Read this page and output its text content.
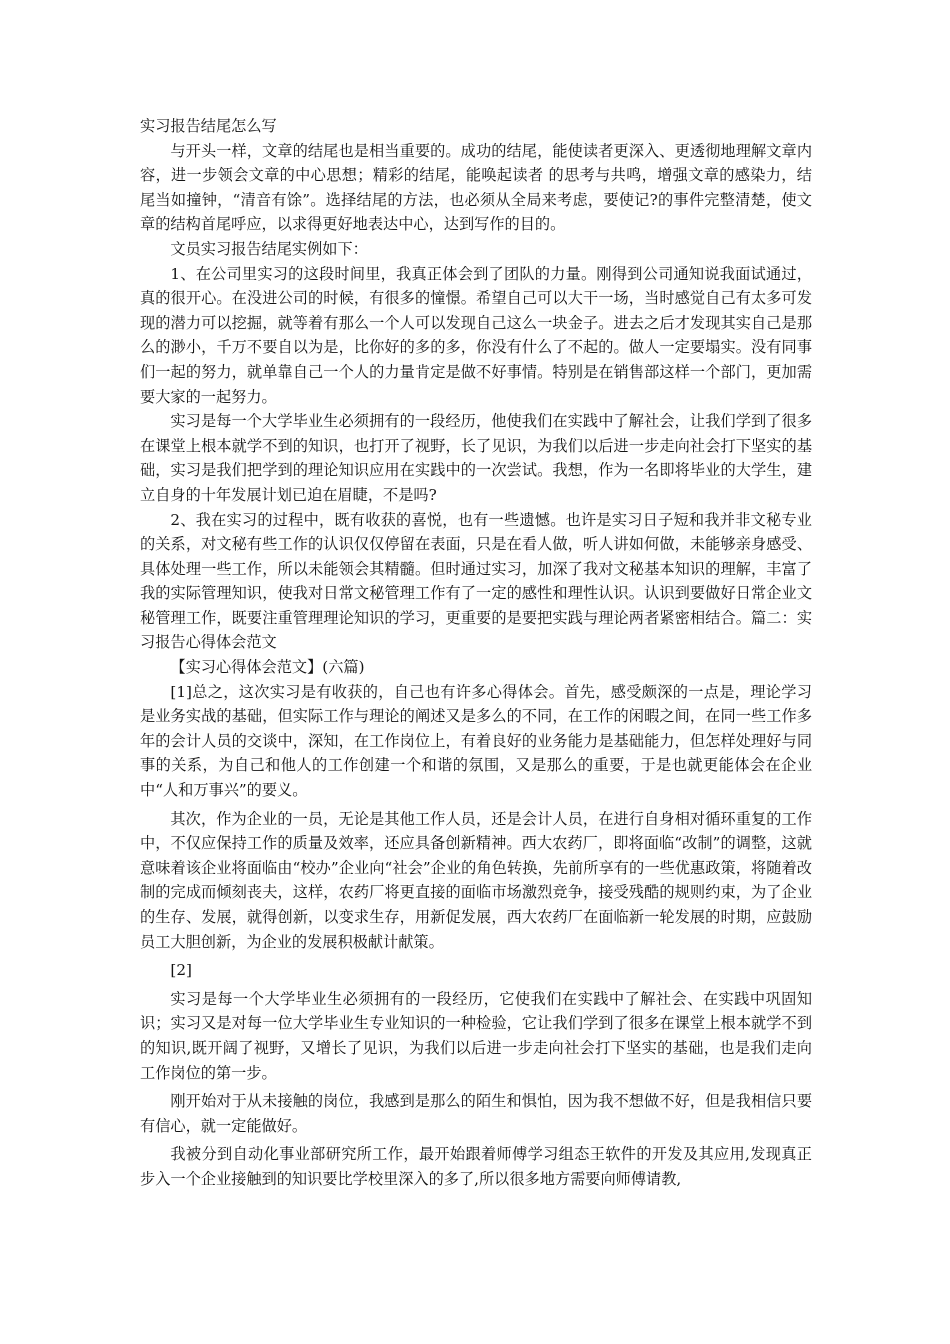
实习报告结尾怎么写

与开头一样，文章的结尾也是相当重要的。成功的结尾，能使读者更深入、更透彻地理解文章内容，进一步领会文章的中心思想；精彩的结尾，能唤起读者 的思考与共鸣，增强文章的感染力，结尾当如撞钟，“清音有馀”。选择结尾的方法，也必须从全局来考虑，要使记?的事件完整清楚，使文章的结构首尾呼应，以求得更好地表达中心，达到写作的目的。

文员实习报告结尾实例如下：

1、在公司里实习的这段时间里，我真正体会到了团队的力量。刚得到公司通知说我面试通过，真的很开心。在没进公司的时候，有很多的憧憬。希望自己可以大干一场，当时感觉自己有太多可发现的潜力可以挖掘，就等着有那么一个人可以发现自己这么一块金子。进去之后才发现其实自己是那么的渺小，千万不要自以为是，比你好的多的多，你没有什么了不起的。做人一定要塌实。没有同事们一起的努力，就单靠自己一个人的力量肯定是做不好事情。特别是在销售部这样一个部门，更加需要大家的一起努力。

实习是每一个大学毕业生必须拥有的一段经历，他使我们在实践中了解社会，让我们学到了很多在课堂上根本就学不到的知识，也打开了视野，长了见识，为我们以后进一步走向社会打下坚实的基础，实习是我们把学到的理论知识应用在实践中的一次尝试。我想，作为一名即将毕业的大学生，建立自身的十年发展计划已迫在眉睫，不是吗?

2、我在实习的过程中，既有收获的喜悦，也有一些遗憾。也许是实习日子短和我并非文秘专业的关系，对文秘有些工作的认识仅仅停留在表面，只是在看人做，听人讲如何做，未能够亲身感受、具体处理一些工作，所以未能领会其精髓。但时通过实习，加深了我对文秘基本知识的理解，丰富了我的实际管理知识，使我对日常文秘管理工作有了一定的感性和理性认识。认识到要做好日常企业文秘管理工作，既要注重管理理论知识的学习，更重要的是要把实践与理论两者紧密相结合。篇二：实习报告心得体会范文

【实习心得体会范文】(六篇)

[1]总之，这次实习是有收获的，自己也有许多心得体会。首先，感受颇深的一点是，理论学习是业务实战的基础，但实际工作与理论的阐述又是多么的不同，在工作的闲暇之间，在同一些工作多年的会计人员的交谈中，深知，在工作岗位上，有着良好的业务能力是基础能力，但怎样处理好与同事的关系，为自己和他人的工作创建一个和谐的氛围，又是那么的重要，于是也就更能体会在企业中“人和万事兴”的要义。

其次，作为企业的一员，无论是其他工作人员，还是会计人员，在进行自身相对循环重复的工作中，不仅应保持工作的质量及效率，还应具备创新精神。西大农药厂，即将面临“改制”的调整，这就意味着该企业将面临由“校办”企业向“社会”企业的角色转换，先前所享有的一些优惠政策，将随着改制的完成而倾刻丧夫，这样，农药厂将更直接的面临市场激烈竞争，接受残酷的规则约束，为了企业的生存、发展，就得创新，以变求生存，用新促发展，西大农药厂在面临新一轮发展的时期，应鼓励员工大胆创新，为企业的发展积极献计献策。

[2]

实习是每一个大学毕业生必须拥有的一段经历，它使我们在实践中了解社会、在实践中巩固知识；实习又是对每一位大学毕业生专业知识的一种检验，它让我们学到了很多在课堂上根本就学不到的知识,既开阔了视野，又增长了见识，为我们以后进一步走向社会打下坚实的基础，也是我们走向工作岗位的第一步。

刚开始对于从未接触的岗位，我感到是那么的陌生和惧怕，因为我不想做不好，但是我相信只要有信心，就一定能做好。

我被分到自动化事业部研究所工作，最开始跟着师傅学习组态王软件的开发及其应用,发现真正步入一个企业接触到的知识要比学校里深入的多了,所以很多地方需要向师傅请教,
